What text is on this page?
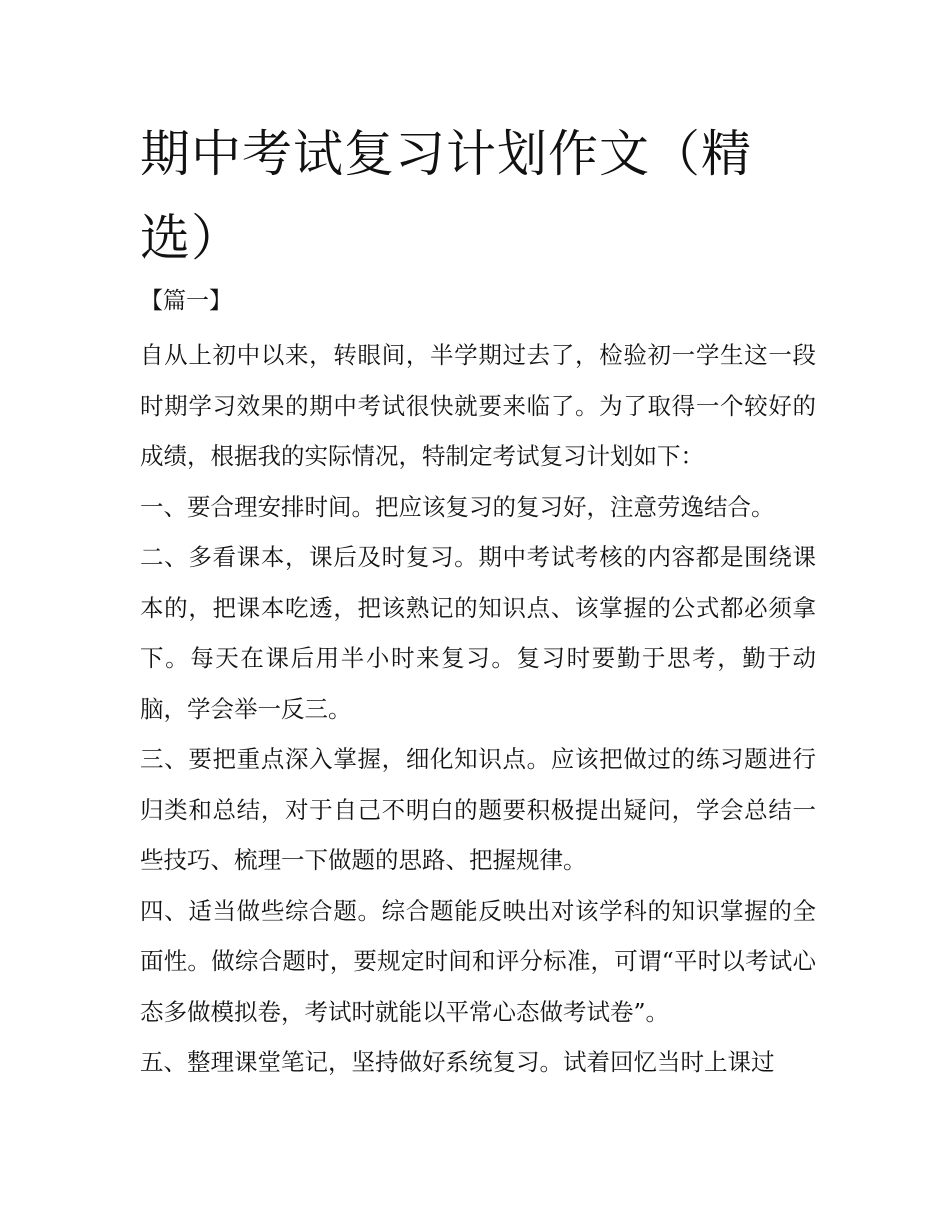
期中考试复习计划作文（精选）
【篇一】

自从上初中以来，转眼间，半学期过去了，检验初一学生这一段时期学习效果的期中考试很快就要来临了。为了取得一个较好的成绩，根据我的实际情况，特制定考试复习计划如下：

一、要合理安排时间。把应该复习的复习好，注意劳逸结合。

二、多看课本，课后及时复习。期中考试考核的内容都是围绕课本的，把课本吃透，把该熟记的知识点、该掌握的公式都必须拿下。每天在课后用半小时来复习。复习时要勤于思考，勤于动脑，学会举一反三。

三、要把重点深入掌握，细化知识点。应该把做过的练习题进行归类和总结，对于自己不明白的题要积极提出疑问，学会总结一些技巧、梳理一下做题的思路、把握规律。

四、适当做些综合题。综合题能反映出对该学科的知识掌握的全面性。做综合题时，要规定时间和评分标准，可谓“平时以考试心态多做模拟卷，考试时就能以平常心态做考试卷”。

五、整理课堂笔记，坚持做好系统复习。试着回忆当时上课过
